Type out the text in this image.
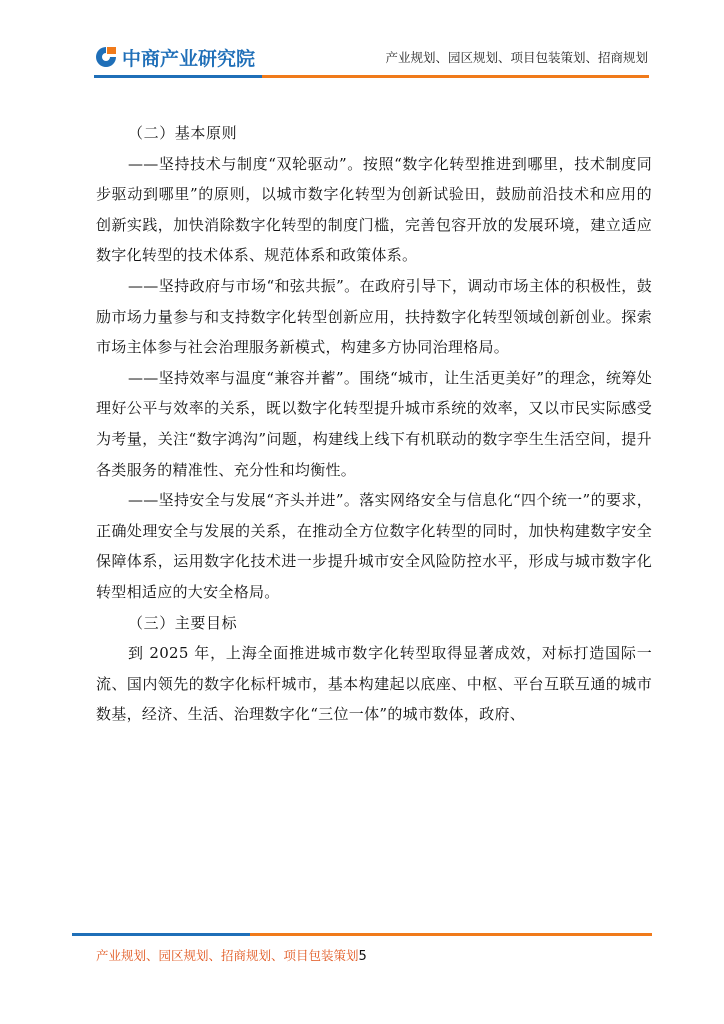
中商产业研究院	产业规划、园区规划、项目包装策划、招商规划

（二）基本原则

——坚持技术与制度“双轮驱动”。按照“数字化转型推进到哪里，技术制度同步驱动到哪里”的原则，以城市数字化转型为创新试验田，鼓励前沿技术和应用的创新实践，加快消除数字化转型的制度门槛，完善包容开放的发展环境，建立适应数字化转型的技术体系、规范体系和政策体系。

——坚持政府与市场“和弦共振”。在政府引导下，调动市场主体的积极性，鼓励市场力量参与和支持数字化转型创新应用，扶持数字化转型领域创新创业。探索市场主体参与社会治理服务新模式，构建多方协同治理格局。

——坚持效率与温度“兼容并蓄”。围绕“城市，让生活更美好”的理念，统筹处理好公平与效率的关系，既以数字化转型提升城市系统的效率，又以市民实际感受为考量，关注“数字鸿沟”问题，构建线上线下有机联动的数字孪生生活空间，提升各类服务的精准性、充分性和均衡性。

——坚持安全与发展“齐头并进”。落实网络安全与信息化“四个统一”的要求，正确处理安全与发展的关系，在推动全方位数字化转型的同时，加快构建数字安全保障体系，运用数字化技术进一步提升城市安全风险防控水平，形成与城市数字化转型相适应的大安全格局。

（三）主要目标

到 2025 年，上海全面推进城市数字化转型取得显著成效，对标打造国际一流、国内领先的数字化标杆城市，基本构建起以底座、中枢、平台互联互通的城市数基，经济、生活、治理数字化“三位一体”的城市数体，政府、

产业规划、园区规划、招商规划、项目包装策划5
